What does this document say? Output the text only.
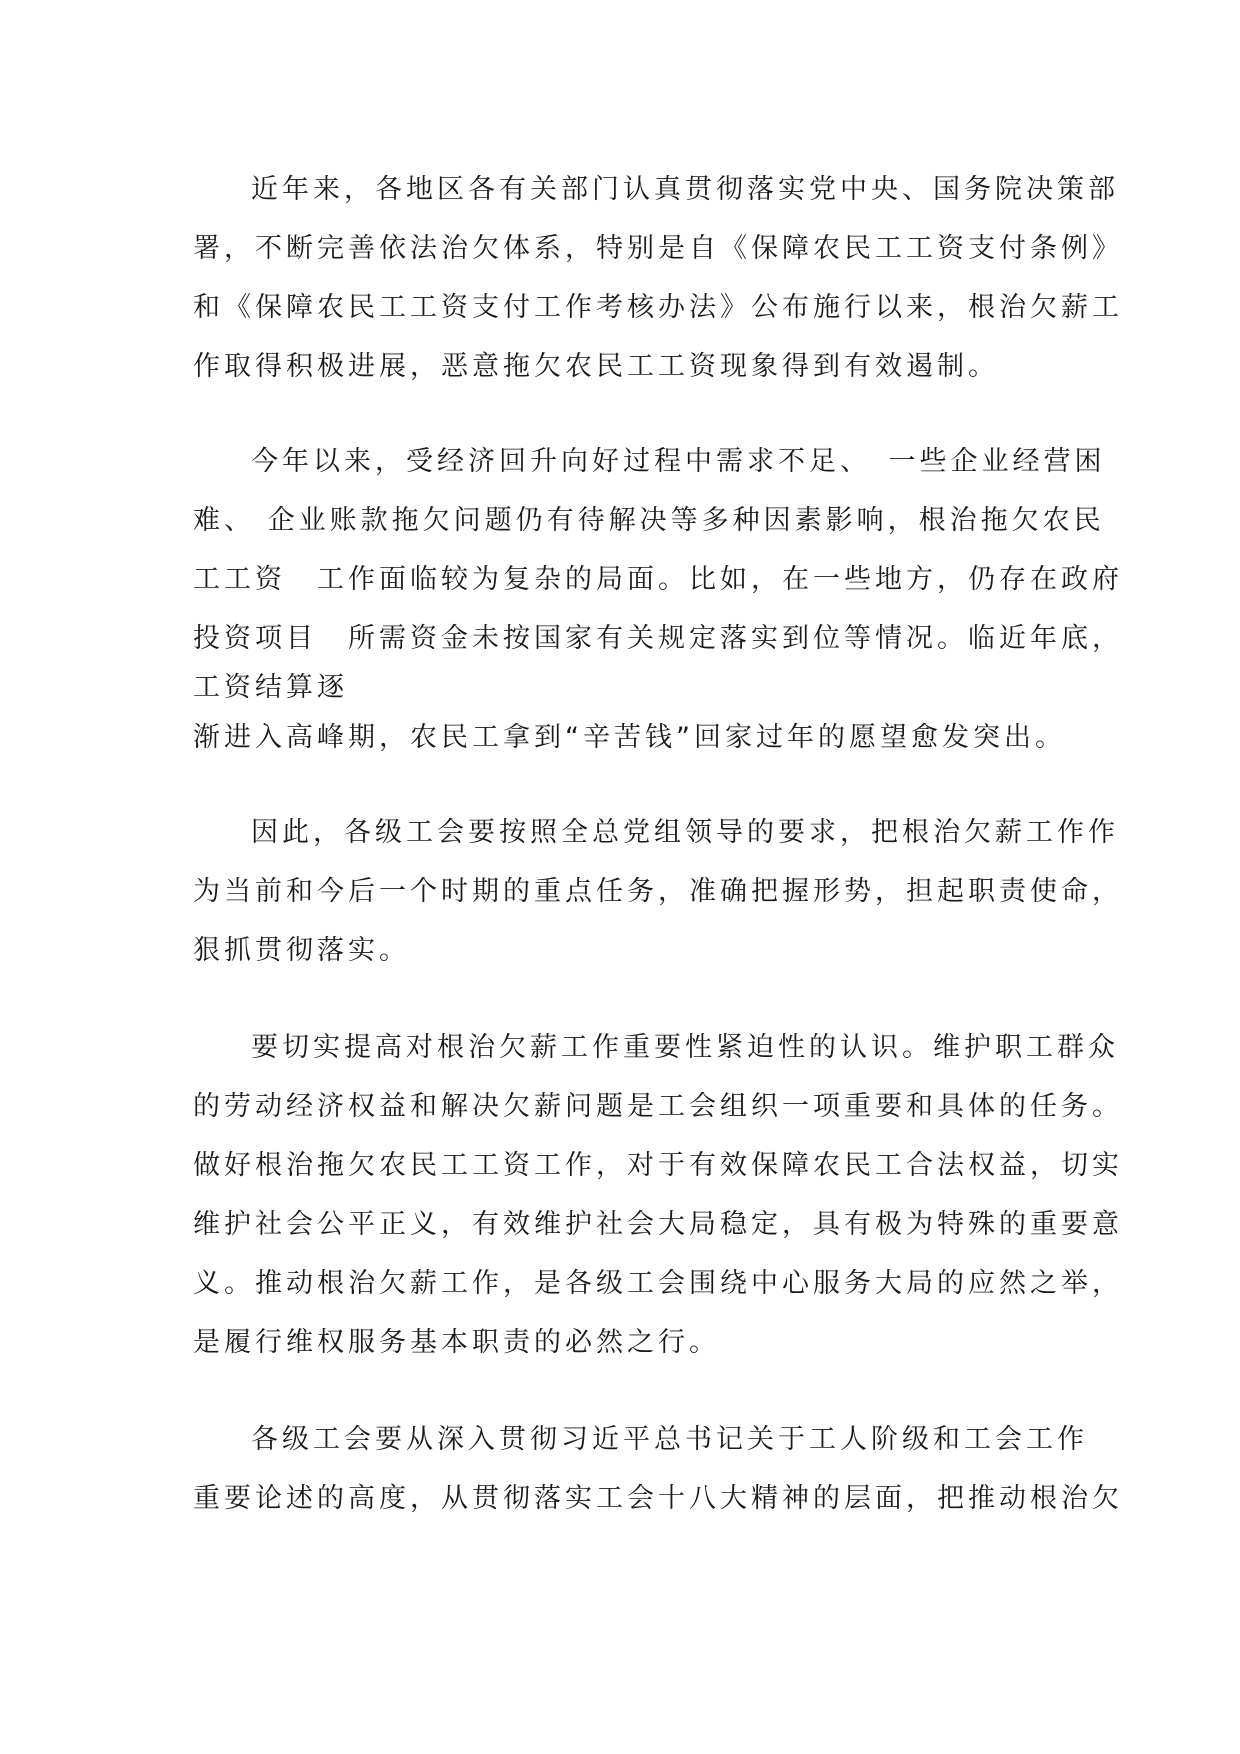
近年来，各地区各有关部门认真贯彻落实党中央、国务院决策部
署，不断完善依法治欠体系，特别是自《保障农民工工资支付条例》
和《保障农民工工资支付工作考核办法》公布施行以来，根治欠薪工
作取得积极进展，恶意拖欠农民工工资现象得到有效遏制。

今年以来，受经济回升向好过程中需求不足、　一些企业经营困
难、 企业账款拖欠问题仍有待解决等多种因素影响，根治拖欠农民
工工资　工作面临较为复杂的局面。比如，在一些地方，仍存在政府
投资项目　所需资金未按国家有关规定落实到位等情况。临近年底，
工资结算逐
渐进入高峰期，农民工拿到“辛苦钱”回家过年的愿望愈发突出。

因此，各级工会要按照全总党组领导的要求，把根治欠薪工作作
为当前和今后一个时期的重点任务，准确把握形势，担起职责使命，
狠抓贯彻落实。

要切实提高对根治欠薪工作重要性紧迫性的认识。维护职工群众
的劳动经济权益和解决欠薪问题是工会组织一项重要和具体的任务。
做好根治拖欠农民工工资工作，对于有效保障农民工合法权益，切实
维护社会公平正义，有效维护社会大局稳定，具有极为特殊的重要意
义。推动根治欠薪工作，是各级工会围绕中心服务大局的应然之举，
是履行维权服务基本职责的必然之行。

各级工会要从深入贯彻习近平总书记关于工人阶级和工会工作
重要论述的高度，从贯彻落实工会十八大精神的层面，把推动根治欠
